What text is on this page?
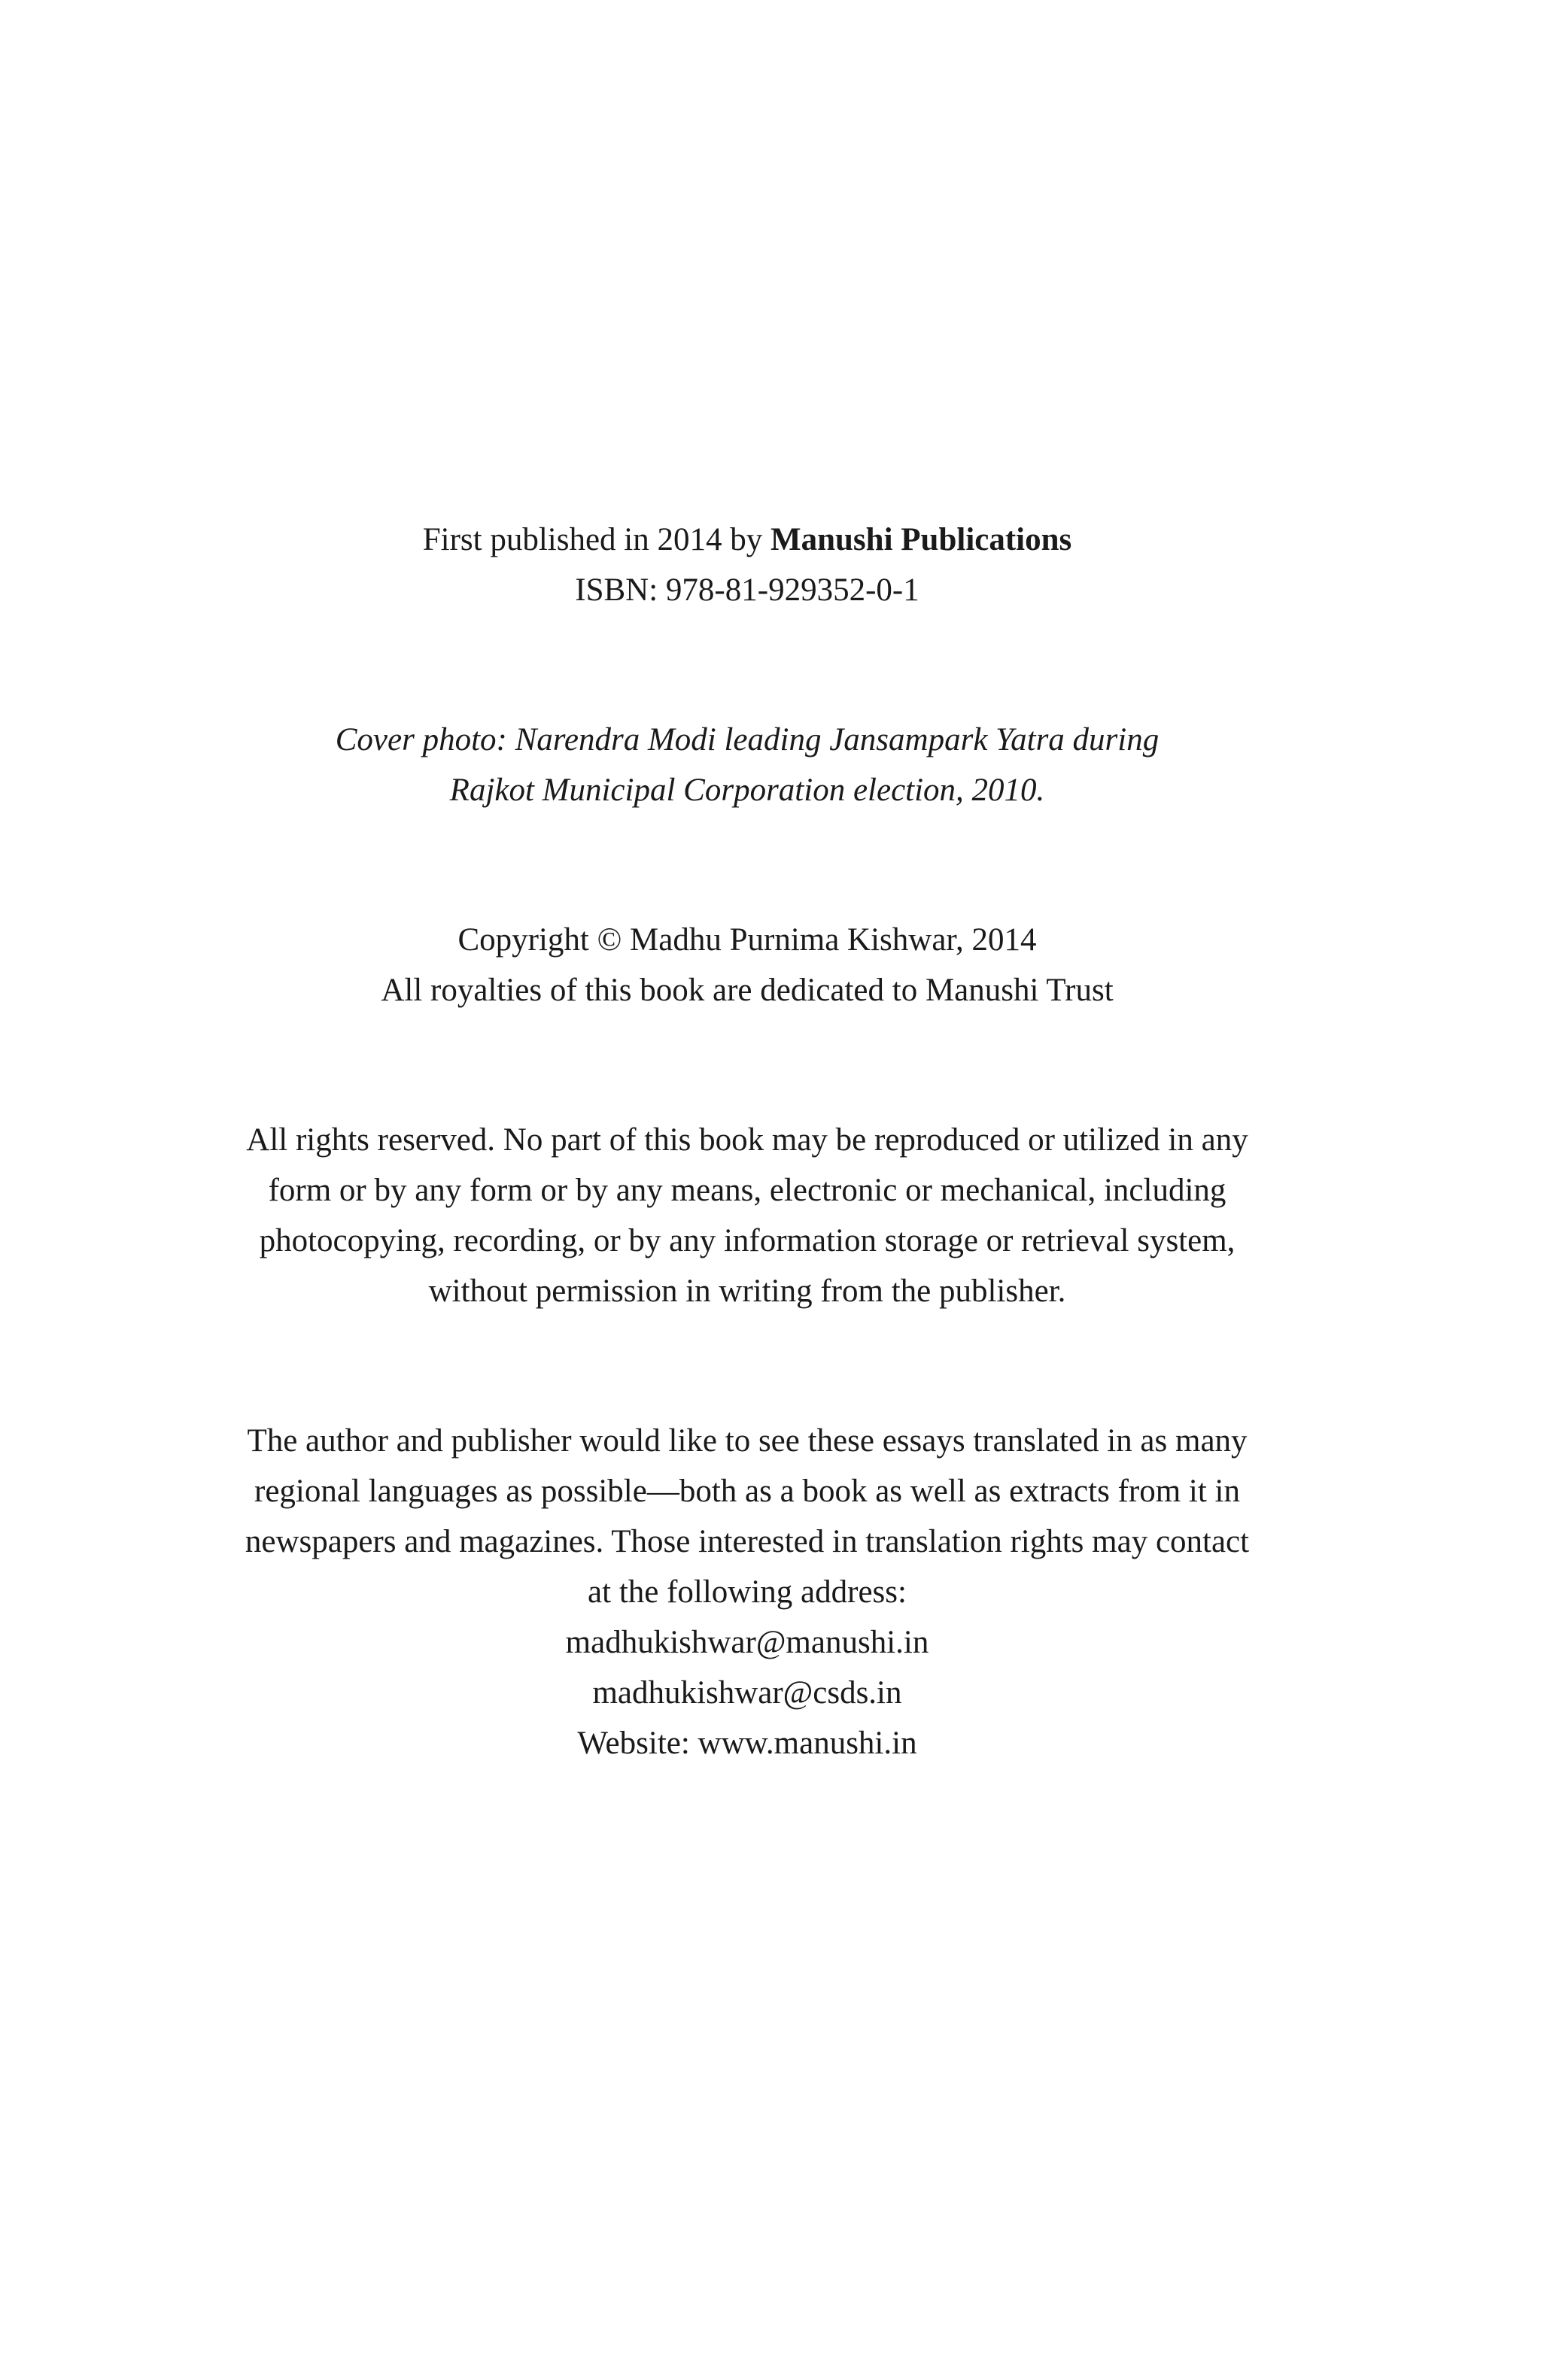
First published in 2014 by Manushi Publications

ISBN: 978-81-929352-0-1

Cover photo: Narendra Modi leading Jansampark Yatra during

Rajkot Municipal Corporation election, 2010.

Copyright © Madhu Purnima Kishwar, 2014

All royalties of this book are dedicated to Manushi Trust

All rights reserved. No part of this book may be reproduced or utilized in any

form or by any form or by any means, electronic or mechanical, including

photocopying, recording, or by any information storage or retrieval system,

without permission in writing from the publisher.

The author and publisher would like to see these essays translated in as many

regional languages as possible—both as a book as well as extracts from it in

newspapers and magazines. Those interested in translation rights may contact

at the following address:

madhukishwar@manushi.in

madhukishwar@csds.in

Website: www.manushi.in
